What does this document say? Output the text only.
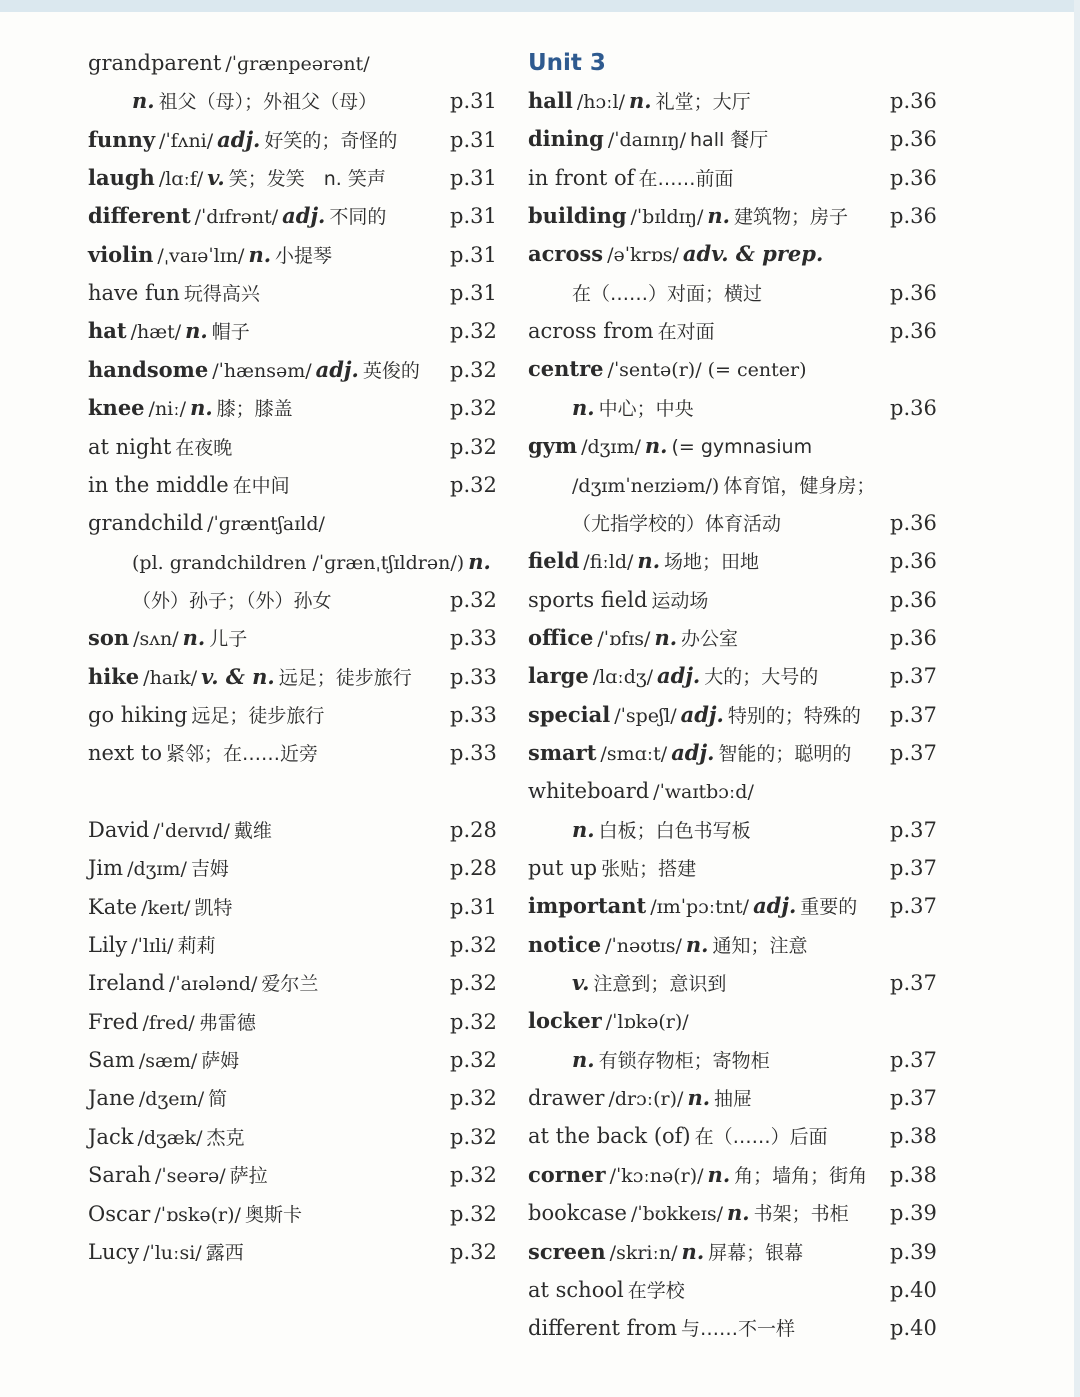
Unit 3
grandparent /ˈɡrænpeərənt/
n. 祖父（母）；外祖父（母）	p.31
funny /ˈfʌni/ adj. 好笑的；奇怪的	p.31
laugh /lɑːf/ v. 笑；发笑　n. 笑声	p.31
different /ˈdɪfrənt/ adj. 不同的	p.31
violin /ˌvaɪəˈlɪn/ n. 小提琴	p.31
have fun 玩得高兴	p.31
hat /hæt/ n. 帽子	p.32
handsome /ˈhænsəm/ adj. 英俊的	p.32
knee /niː/ n. 膝；膝盖	p.32
at night 在夜晚	p.32
in the middle 在中间	p.32
grandchild /ˈɡræntʃaɪld/
(pl. grandchildren /ˈɡrænˌtʃɪldrən/) n.
（外）孙子；（外）孙女	p.32
son /sʌn/ n. 儿子	p.33
hike /haɪk/ v. & n. 远足；徒步旅行	p.33
go hiking 远足；徒步旅行	p.33
next to 紧邻；在……近旁	p.33
David /ˈdeɪvɪd/ 戴维	p.28
Jim /dʒɪm/ 吉姆	p.28
Kate /keɪt/ 凯特	p.31
Lily /ˈlɪli/ 莉莉	p.32
Ireland /ˈaɪələnd/ 爱尔兰	p.32
Fred /fred/ 弗雷德	p.32
Sam /sæm/ 萨姆	p.32
Jane /dʒeɪn/ 简	p.32
Jack /dʒæk/ 杰克	p.32
Sarah /ˈseərə/ 萨拉	p.32
Oscar /ˈɒskə(r)/ 奥斯卡	p.32
Lucy /ˈluːsi/ 露西	p.32
hall /hɔːl/ n. 礼堂；大厅	p.36
dining /ˈdaɪnɪŋ/ hall 餐厅	p.36
in front of 在……前面	p.36
building /ˈbɪldɪŋ/ n. 建筑物；房子	p.36
across /əˈkrɒs/ adv. & prep.
在（……）对面；横过	p.36
across from 在对面	p.36
centre /ˈsentə(r)/ (= center)
n. 中心；中央	p.36
gym /dʒɪm/ n. (= gymnasium
/dʒɪmˈneɪziəm/) 体育馆，健身房；
（尤指学校的）体育活动	p.36
field /fiːld/ n. 场地；田地	p.36
sports field 运动场	p.36
office /ˈɒfɪs/ n. 办公室	p.36
large /lɑːdʒ/ adj. 大的；大号的	p.37
special /ˈspeʃl/ adj. 特别的；特殊的	p.37
smart /smɑːt/ adj. 智能的；聪明的	p.37
whiteboard /ˈwaɪtbɔːd/
n. 白板；白色书写板	p.37
put up 张贴；搭建	p.37
important /ɪmˈpɔːtnt/ adj. 重要的	p.37
notice /ˈnəʊtɪs/ n. 通知；注意
v. 注意到；意识到	p.37
locker /ˈlɒkə(r)/
n. 有锁存物柜；寄物柜	p.37
drawer /drɔː(r)/ n. 抽屉	p.37
at the back (of) 在（……）后面	p.38
corner /ˈkɔːnə(r)/ n. 角；墙角；街角	p.38
bookcase /ˈbʊkkeɪs/ n. 书架；书柜	p.39
screen /skriːn/ n. 屏幕；银幕	p.39
at school 在学校	p.40
different from 与……不一样	p.40
